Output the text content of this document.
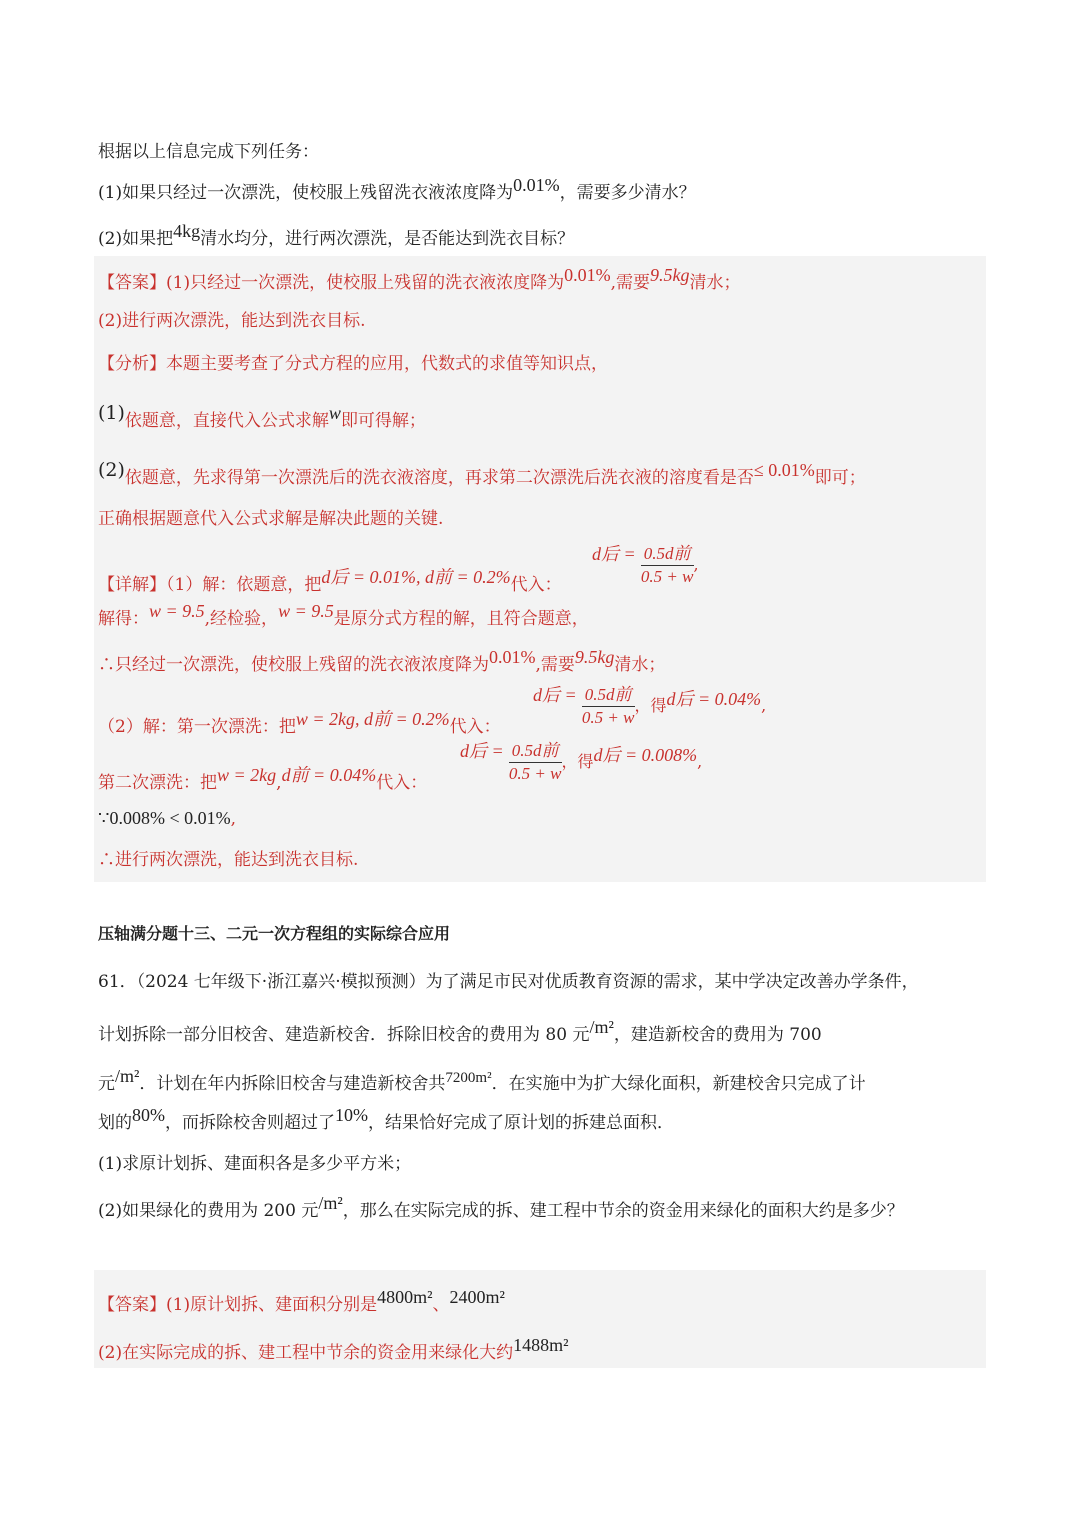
根据以上信息完成下列任务：
(1)如果只经过一次漂洗，使校服上残留洗衣液浓度降为0.01%，需要多少清水？
(2)如果把4kg清水均分，进行两次漂洗，是否能达到洗衣目标？
【答案】(1)只经过一次漂洗，使校服上残留的洗衣液浓度降为0.01%,需要9.5kg清水；
(2)进行两次漂洗，能达到洗衣目标.
【分析】本题主要考查了分式方程的应用，代数式的求值等知识点，
(1)依题意，直接代入公式求解w即可得解；
(2)依题意，先求得第一次漂洗后的洗衣液溶度，再求第二次漂洗后洗衣液的溶度看是否≤ 0.01%即可；
正确根据题意代入公式求解是解决此题的关键.
【详解】（1）解：依题意，把d后 = 0.01%, d前 = 0.2%代入：
d后 = $\frac{\text{0.5d前}}{0.5 + w}$ ,
解得：w = 9.5,经检验，w = 9.5是原分式方程的解，且符合题意，
∴只经过一次漂洗，使校服上残留的洗衣液浓度降为0.01%,需要9.5kg清水；
（2）解：第一次漂洗：把w = 2kg, d前 = 0.2%代入：
d后 = $\frac{\text{0.5d前}}{0.5 + w}$ ，得d后 = 0.04%,
第二次漂洗：把w = 2kg,d前 = 0.04%代入：
d后 = $\frac{\text{0.5d前}}{0.5 + w}$ ，得d后 = 0.008%,
∵0.008% < 0.01%,
∴进行两次漂洗，能达到洗衣目标.
压轴满分题十三、二元一次方程组的实际综合应用
61．（2024 七年级下·浙江嘉兴·模拟预测）为了满足市民对优质教育资源的需求，某中学决定改善办学条件，
计划拆除一部分旧校舍、建造新校舍．拆除旧校舍的费用为 80 元/m²，建造新校舍的费用为 700
元/m²．计划在年内拆除旧校舍与建造新校舍共7200m²．在实施中为扩大绿化面积，新建校舍只完成了计
划的80%，而拆除校舍则超过了10%，结果恰好完成了原计划的拆建总面积．
(1)求原计划拆、建面积各是多少平方米；
(2)如果绿化的费用为 200 元/m²，那么在实际完成的拆、建工程中节余的资金用来绿化的面积大约是多少？
【答案】(1)原计划拆、建面积分别是4800m²、2400m²
(2)在实际完成的拆、建工程中节余的资金用来绿化大约1488m²
